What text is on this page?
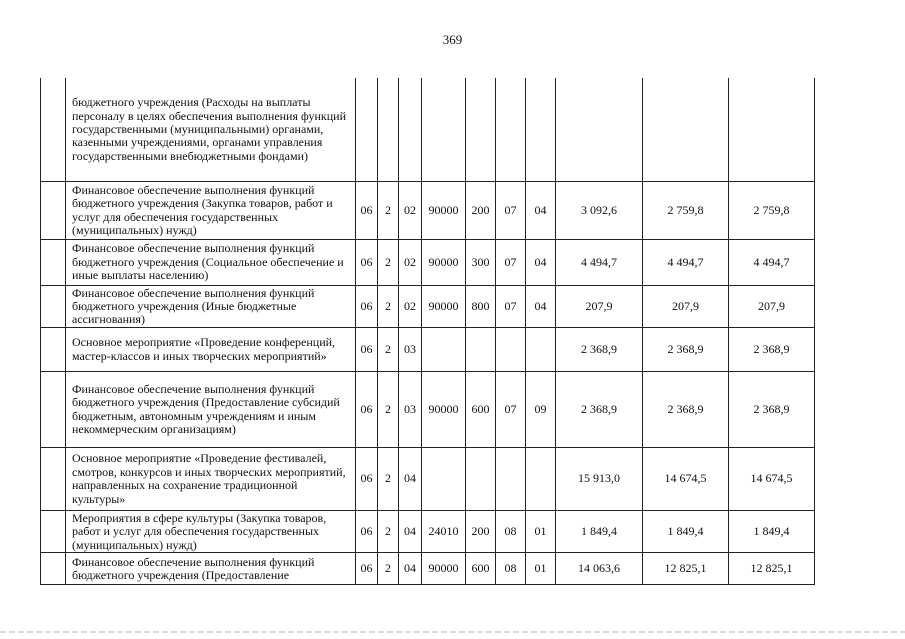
369
	бюджетного учреждения (Расходы на выплаты персоналу в целях обеспечения выполнения функций государственными (муниципальными) органами, казенными учреждениями, органами управления государственными внебюджетными фондами)										
	Финансовое обеспечение выполнения функций бюджетного учреждения (Закупка товаров, работ и услуг для обеспечения государственных (муниципальных) нужд)	06	2	02	90000	200	07	04	3 092,6	2 759,8	2 759,8
	Финансовое обеспечение выполнения функций бюджетного учреждения (Социальное обеспечение и иные выплаты населению)	06	2	02	90000	300	07	04	4 494,7	4 494,7	4 494,7
	Финансовое обеспечение выполнения функций бюджетного учреждения (Иные бюджетные ассигнования)	06	2	02	90000	800	07	04	207,9	207,9	207,9
	Основное мероприятие «Проведение конференций, мастер-классов и иных творческих мероприятий»	06	2	03					2 368,9	2 368,9	2 368,9
	Финансовое обеспечение выполнения функций бюджетного учреждения (Предоставление субсидий бюджетным, автономным учреждениям и иным некоммерческим организациям)	06	2	03	90000	600	07	09	2 368,9	2 368,9	2 368,9
	Основное мероприятие «Проведение фестивалей, смотров, конкурсов и иных творческих мероприятий, направленных на сохранение традиционной культуры»	06	2	04					15 913,0	14 674,5	14 674,5
	Мероприятия в сфере культуры (Закупка товаров, работ и услуг для обеспечения государственных (муниципальных) нужд)	06	2	04	24010	200	08	01	1 849,4	1 849,4	1 849,4
	Финансовое обеспечение выполнения функций бюджетного учреждения (Предоставление	06	2	04	90000	600	08	01	14 063,6	12 825,1	12 825,1
